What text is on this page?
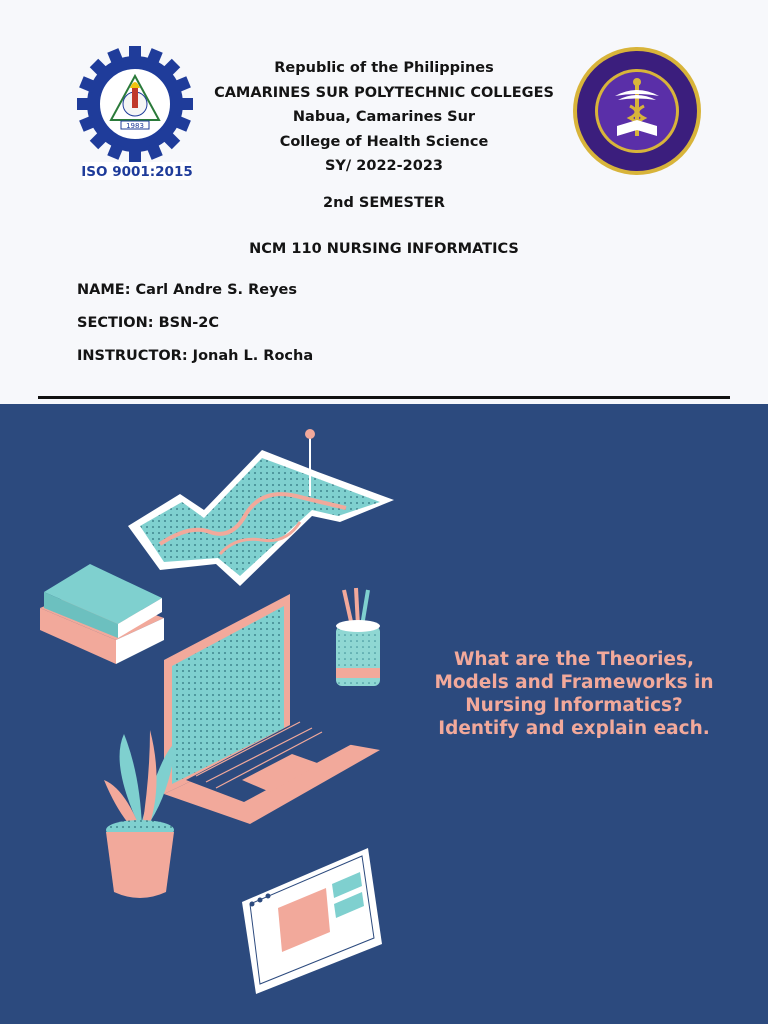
1983
ISO 9001:2015
Republic of the Philippines
CAMARINES SUR POLYTECHNIC COLLEGES
Nabua, Camarines Sur
College of Health Science
SY/ 2022-2023
2nd SEMESTER
NCM 110 NURSING INFORMATICS
NAME: Carl Andre S. Reyes
SECTION: BSN-2C
INSTRUCTOR: Jonah L. Rocha
What are the Theories,
Models and Frameworks in
Nursing Informatics?
Identify and explain each.
